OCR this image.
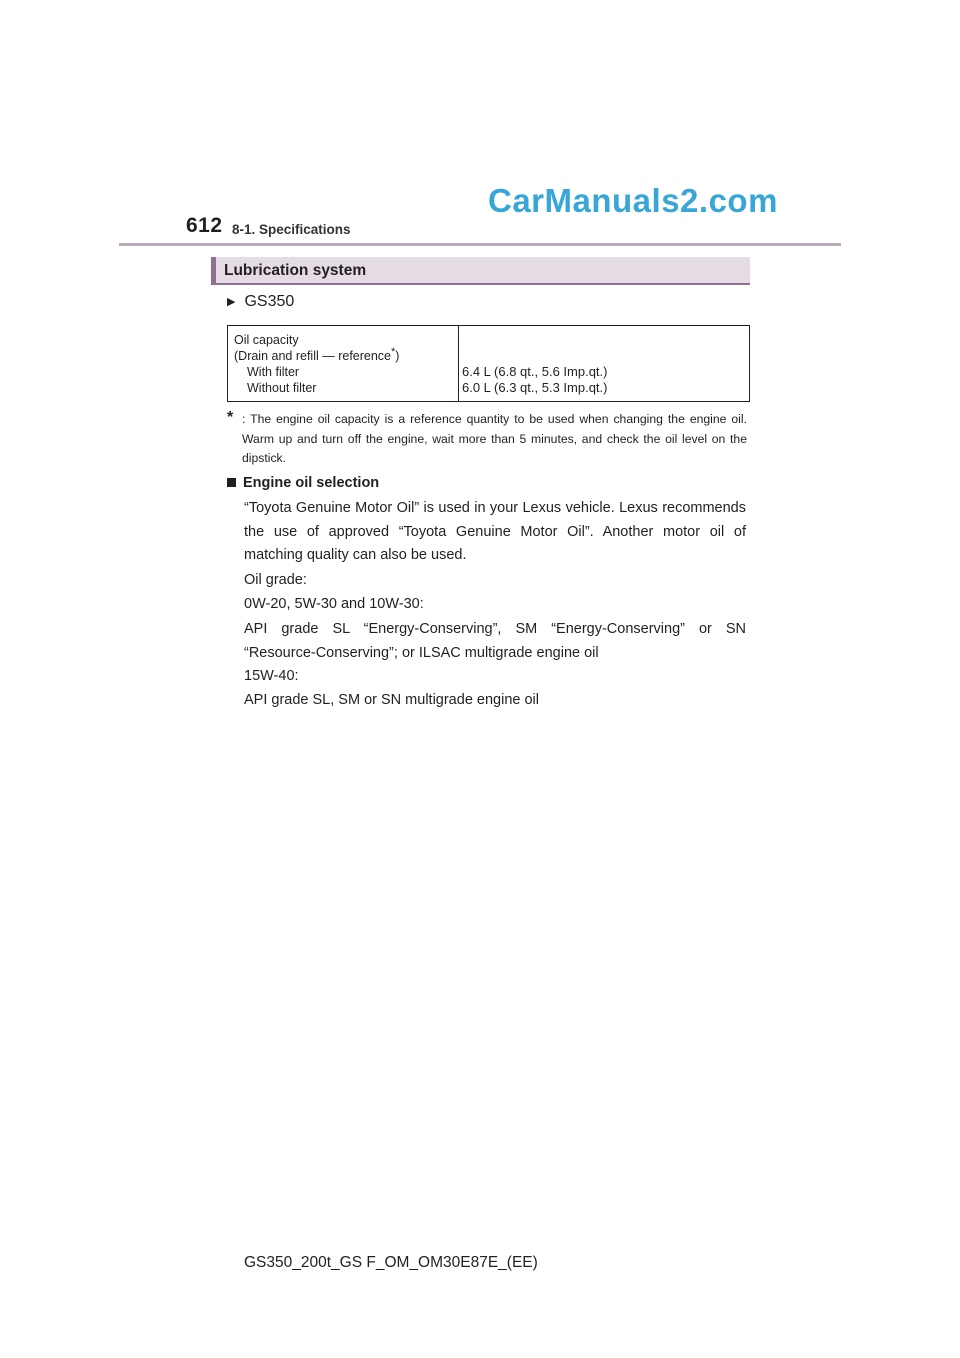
612 8-1. Specifications
CarManuals2.com
Lubrication system
▶ GS350
Oil capacity
(Drain and refill — reference*)
With filter
Without filter
6.4 L (6.8 qt., 5.6 Imp.qt.)
6.0 L (6.3 qt., 5.3 Imp.qt.)
* : The engine oil capacity is a reference quantity to be used when changing the engine oil. Warm up and turn off the engine, wait more than 5 minutes, and check the oil level on the dipstick.
Engine oil selection
“Toyota Genuine Motor Oil” is used in your Lexus vehicle. Lexus recommends the use of approved “Toyota Genuine Motor Oil”. Another motor oil of matching quality can also be used.
Oil grade:
0W-20, 5W-30 and 10W-30:
API grade SL “Energy-Conserving”, SM “Energy-Conserving” or SN “Resource-Conserving”; or ILSAC multigrade engine oil
15W-40:
API grade SL, SM or SN multigrade engine oil
GS350_200t_GS F_OM_OM30E87E_(EE)
